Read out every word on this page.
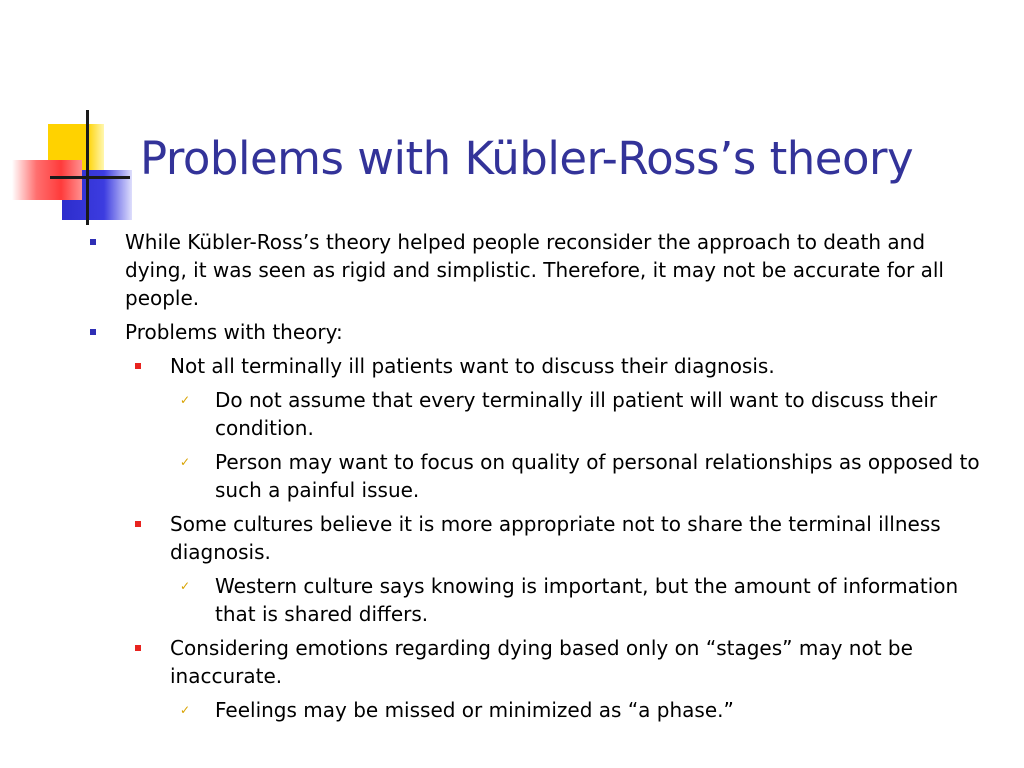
Problems with Kübler-Ross’s theory
While Kübler-Ross’s theory helped people reconsider the approach to death and dying, it was seen as rigid and simplistic. Therefore, it may not be accurate for all people.
Problems with theory:
Not all terminally ill patients want to discuss their diagnosis.
✓ Do not assume that every terminally ill patient will want to discuss their condition.
✓ Person may want to focus on quality of personal relationships as opposed to such a painful issue.
Some cultures believe it is more appropriate not to share the terminal illness diagnosis.
✓ Western culture says knowing is important, but the amount of information that is shared differs.
Considering emotions regarding dying based only on “stages” may not be inaccurate.
✓ Feelings may be missed or minimized as “a phase.”
